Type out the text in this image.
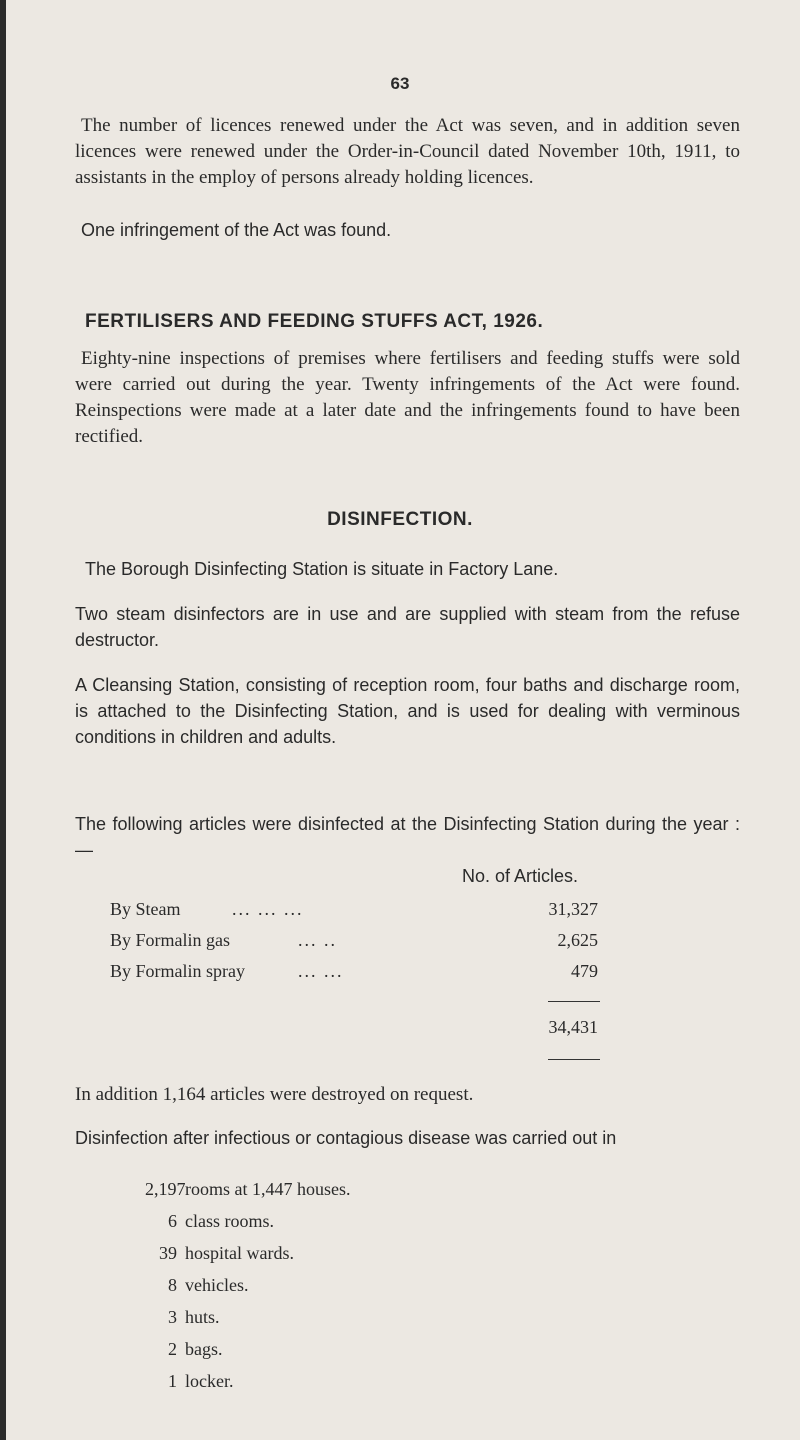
63

The number of licences renewed under the Act was seven, and in addition seven licences were renewed under the Order-in-Council dated November 10th, 1911, to assistants in the employ of persons already holding licences.

One infringement of the Act was found.

FERTILISERS AND FEEDING STUFFS ACT, 1926.

Eighty-nine inspections of premises where fertilisers and feeding stuffs were sold were carried out during the year. Twenty infringements of the Act were found. Reinspections were made at a later date and the infringements found to have been rectified.

DISINFECTION.

The Borough Disinfecting Station is situate in Factory Lane.

Two steam disinfectors are in use and are supplied with steam from the refuse destructor.

A Cleansing Station, consisting of reception room, four baths and discharge room, is attached to the Disinfecting Station, and is used for dealing with verminous conditions in children and adults.

The following articles were disinfected at the Disinfecting Station during the year :—

No. of Articles.
By Steam	... ... ...	31,327
By Formalin gas	... ..	2,625
By Formalin spray	... ...	479
34,431

In addition 1,164 articles were destroyed on request.

Disinfection after infectious or contagious disease was carried out in

2,197rooms at 1,447 houses.
6 class rooms.
39 hospital wards.
8 vehicles.
3 huts.
2 bags.
1 locker.
